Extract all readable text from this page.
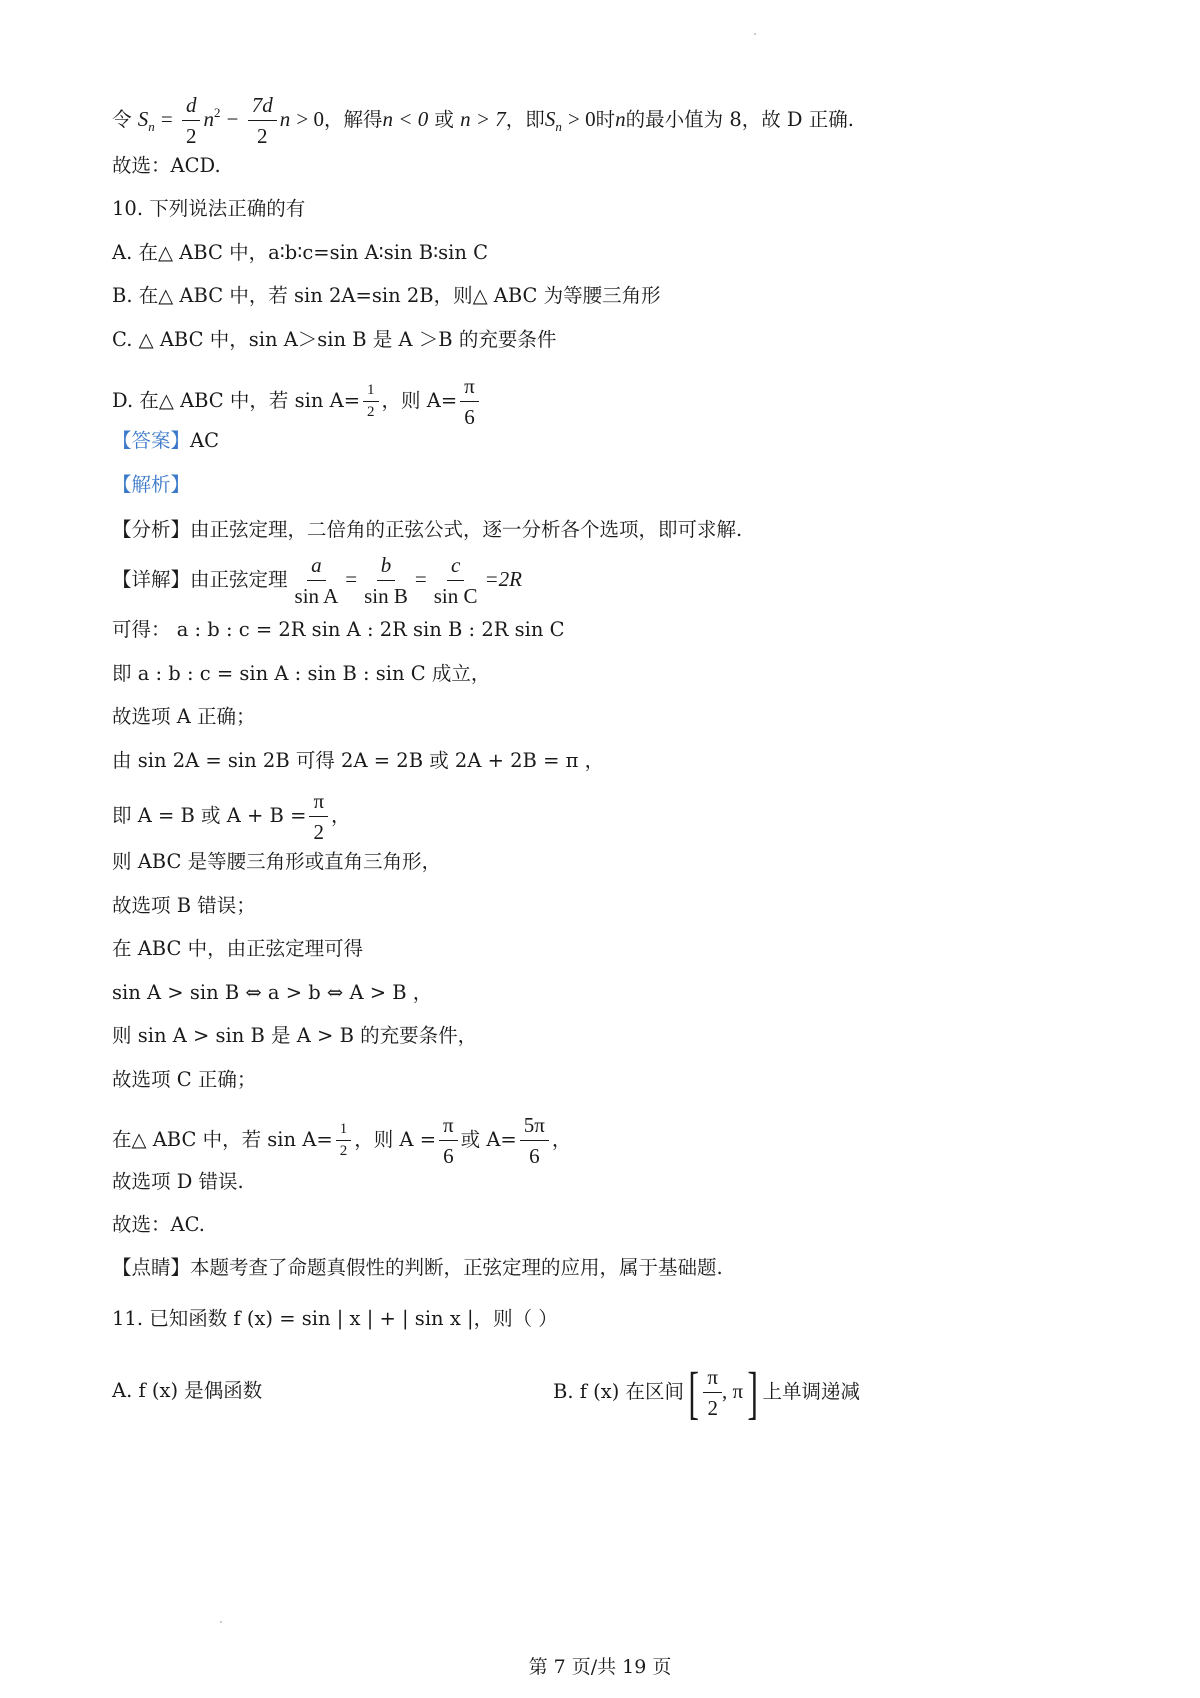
令 $S_n = \frac{d}{2} n^2 - \frac{7d}{2}$ n > 0，解得n < 0 或 n > 7，即$S_n > 0$时n的最小值为 8，故 D 正确.
故选：ACD.
10. 下列说法正确的有
A. 在△ ABC 中，a∶b∶c=sin A∶sin B∶sin C
B. 在△ ABC 中，若 sin 2A=sin 2B，则△ ABC 为等腰三角形
C. △ ABC 中，sin A＞sin B 是 A ＞B 的充要条件
D. 在△ ABC 中，若 $\sin A= \frac{1}{2}$ ，则 $A= \frac{\pi}{6}$
【答案】AC
【解析】
【分析】由正弦定理，二倍角的正弦公式，逐一分析各个选项，即可求解.
【详解】由正弦定理 $\frac{a}{\text{sin A}} = \frac{b}{\text{sin B}} = \frac{c}{\text{sin C}} =2R$
可得： a : b : c = 2R sin A : 2R sin B : 2R sin C
即 a : b : c = sin A : sin B : sin C 成立，
故选项 A 正确；
由 sin 2A = sin 2B 可得 2A = 2B 或 2A + 2B = π ，
即 A = B 或 $A + B = \frac{\pi}{2}$ ，
则 ABC 是等腰三角形或直角三角形，
故选项 B 错误；
在 ABC 中，由正弦定理可得
sin A > sin B ⇔ a > b ⇔ A > B ，
则 sin A > sin B 是 A > B 的充要条件，
故选项 C 正确；
在△ ABC 中，若 $\sin A= \frac{1}{2}$ ，则 $A = \frac{\pi}{6}$ 或 $A= \frac{5\pi}{6}$ ，
故选项 D 错误.
故选：AC.
【点睛】本题考查了命题真假性的判断，正弦定理的应用，属于基础题.
11. 已知函数 f (x) = sin | x | + | sin x |，则（ ）
A. f (x) 是偶函数	B. f (x) 在区间[ $\frac{\pi}{2}$ , π] 上单调递减
第 7 页/共 19 页
